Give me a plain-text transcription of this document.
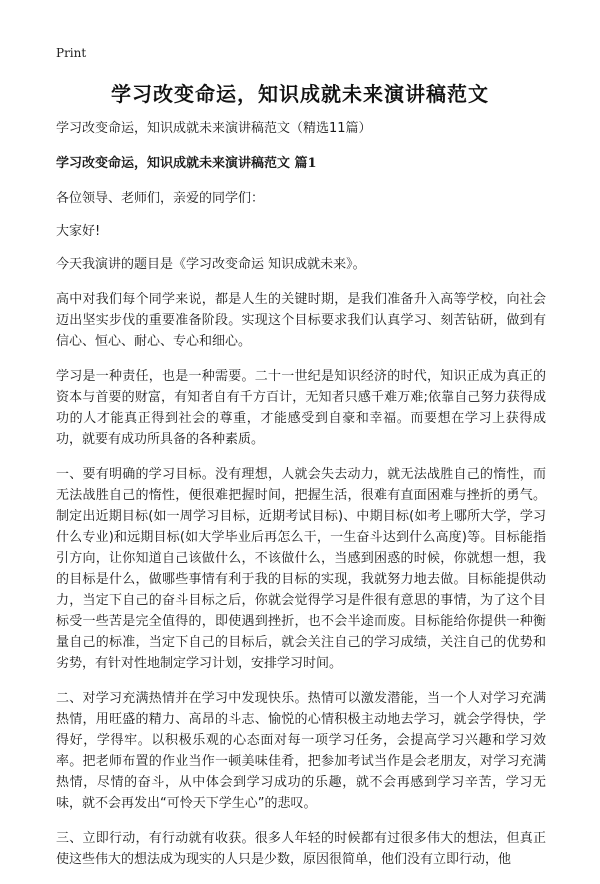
Print
学习改变命运，知识成就未来演讲稿范文

学习改变命运，知识成就未来演讲稿范文（精选11篇）

学习改变命运，知识成就未来演讲稿范文 篇1

各位领导、老师们，亲爱的同学们：

大家好!

今天我演讲的题目是《学习改变命运 知识成就未来》。

高中对我们每个同学来说，都是人生的关键时期，是我们准备升入高等学校，向社会迈出坚实步伐的重要准备阶段。实现这个目标要求我们认真学习、刻苦钻研，做到有信心、恒心、耐心、专心和细心。

学习是一种责任，也是一种需要。二十一世纪是知识经济的时代，知识正成为真正的资本与首要的财富，有知者自有千方百计，无知者只感千难万难;依靠自己努力获得成功的人才能真正得到社会的尊重，才能感受到自豪和幸福。而要想在学习上获得成功，就要有成功所具备的各种素质。

一、要有明确的学习目标。没有理想，人就会失去动力，就无法战胜自己的惰性，而无法战胜自己的惰性，便很难把握时间，把握生活，很难有直面困难与挫折的勇气。制定出近期目标(如一周学习目标，近期考试目标)、中期目标(如考上哪所大学，学习什么专业)和远期目标(如大学毕业后再怎么干，一生奋斗达到什么高度)等。目标能指引方向，让你知道自己该做什么，不该做什么，当感到困惑的时候，你就想一想，我的目标是什么，做哪些事情有利于我的目标的实现，我就努力地去做。目标能提供动力，当定下自己的奋斗目标之后，你就会觉得学习是件很有意思的事情，为了这个目标受一些苦是完全值得的，即使遇到挫折，也不会半途而废。目标能给你提供一种衡量自己的标准，当定下自己的目标后，就会关注自己的学习成绩，关注自己的优势和劣势，有针对性地制定学习计划，安排学习时间。

二、对学习充满热情并在学习中发现快乐。热情可以激发潜能，当一个人对学习充满热情，用旺盛的精力、高昂的斗志、愉悦的心情积极主动地去学习，就会学得快，学得好，学得牢。以积极乐观的心态面对每一项学习任务，会提高学习兴趣和学习效率。把老师布置的作业当作一顿美味佳肴，把参加考试当作是会老朋友，对学习充满热情，尽情的奋斗，从中体会到学习成功的乐趣，就不会再感到学习辛苦，学习无味，就不会再发出“可怜天下学生心”的悲叹。

三、立即行动，有行动就有收获。很多人年轻的时候都有过很多伟大的想法，但真正使这些伟大的想法成为现实的人只是少数，原因很简单，他们没有立即行动，他
